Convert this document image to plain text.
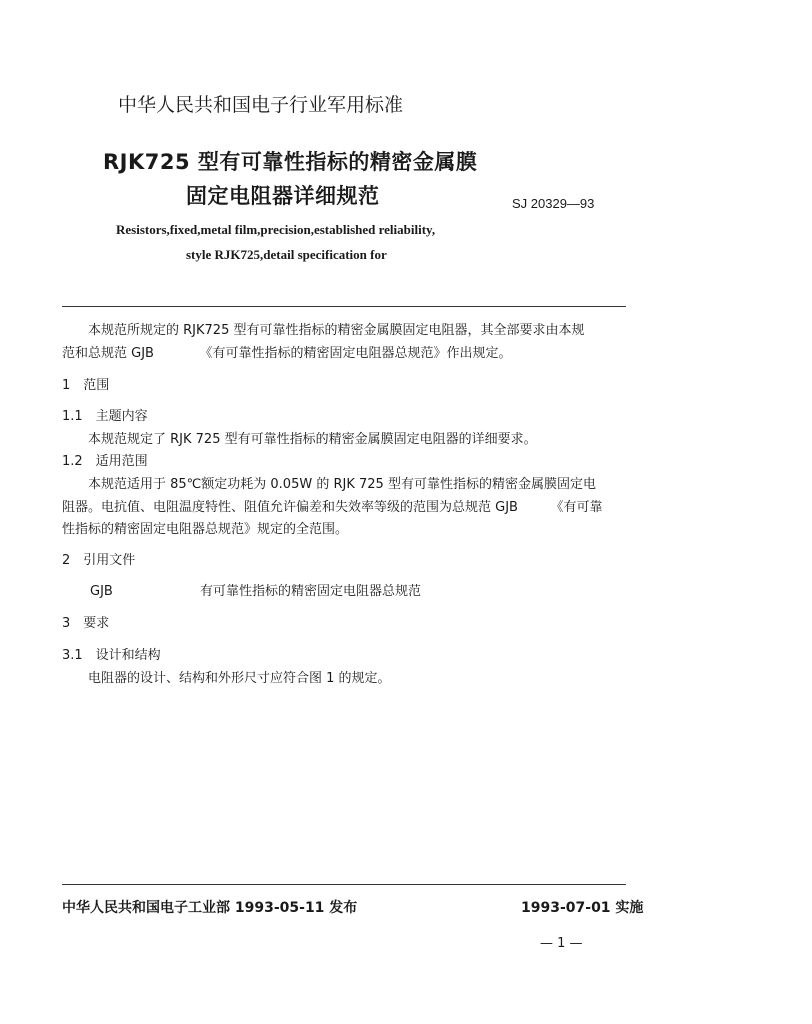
中华人民共和国电子行业军用标准
RJK725 型有可靠性指标的精密金属膜
固定电阻器详细规范	SJ 20329—93
Resistors,fixed,metal film,precision,established reliability,
style RJK725,detail specification for
本规范所规定的 RJK725 型有可靠性指标的精密金属膜固定电阻器，其全部要求由本规
范和总规范 GJB　　　　《有可靠性指标的精密固定电阻器总规范》作出规定。
1　范围
1.1　主题内容
本规范规定了 RJK 725 型有可靠性指标的精密金属膜固定电阻器的详细要求。
1.2　适用范围
本规范适用于 85℃额定功耗为 0.05W 的 RJK 725 型有可靠性指标的精密金属膜固定电
阻器。电抗值、电阻温度特性、阻值允许偏差和失效率等级的范围为总规范 GJB　　　《有可靠
性指标的精密固定电阻器总规范》规定的全范围。
2　引用文件
GJB	有可靠性指标的精密固定电阻器总规范
3　要求
3.1　设计和结构
电阻器的设计、结构和外形尺寸应符合图 1 的规定。
中华人民共和国电子工业部 1993-05-11 发布	1993-07-01 实施
— 1 —
